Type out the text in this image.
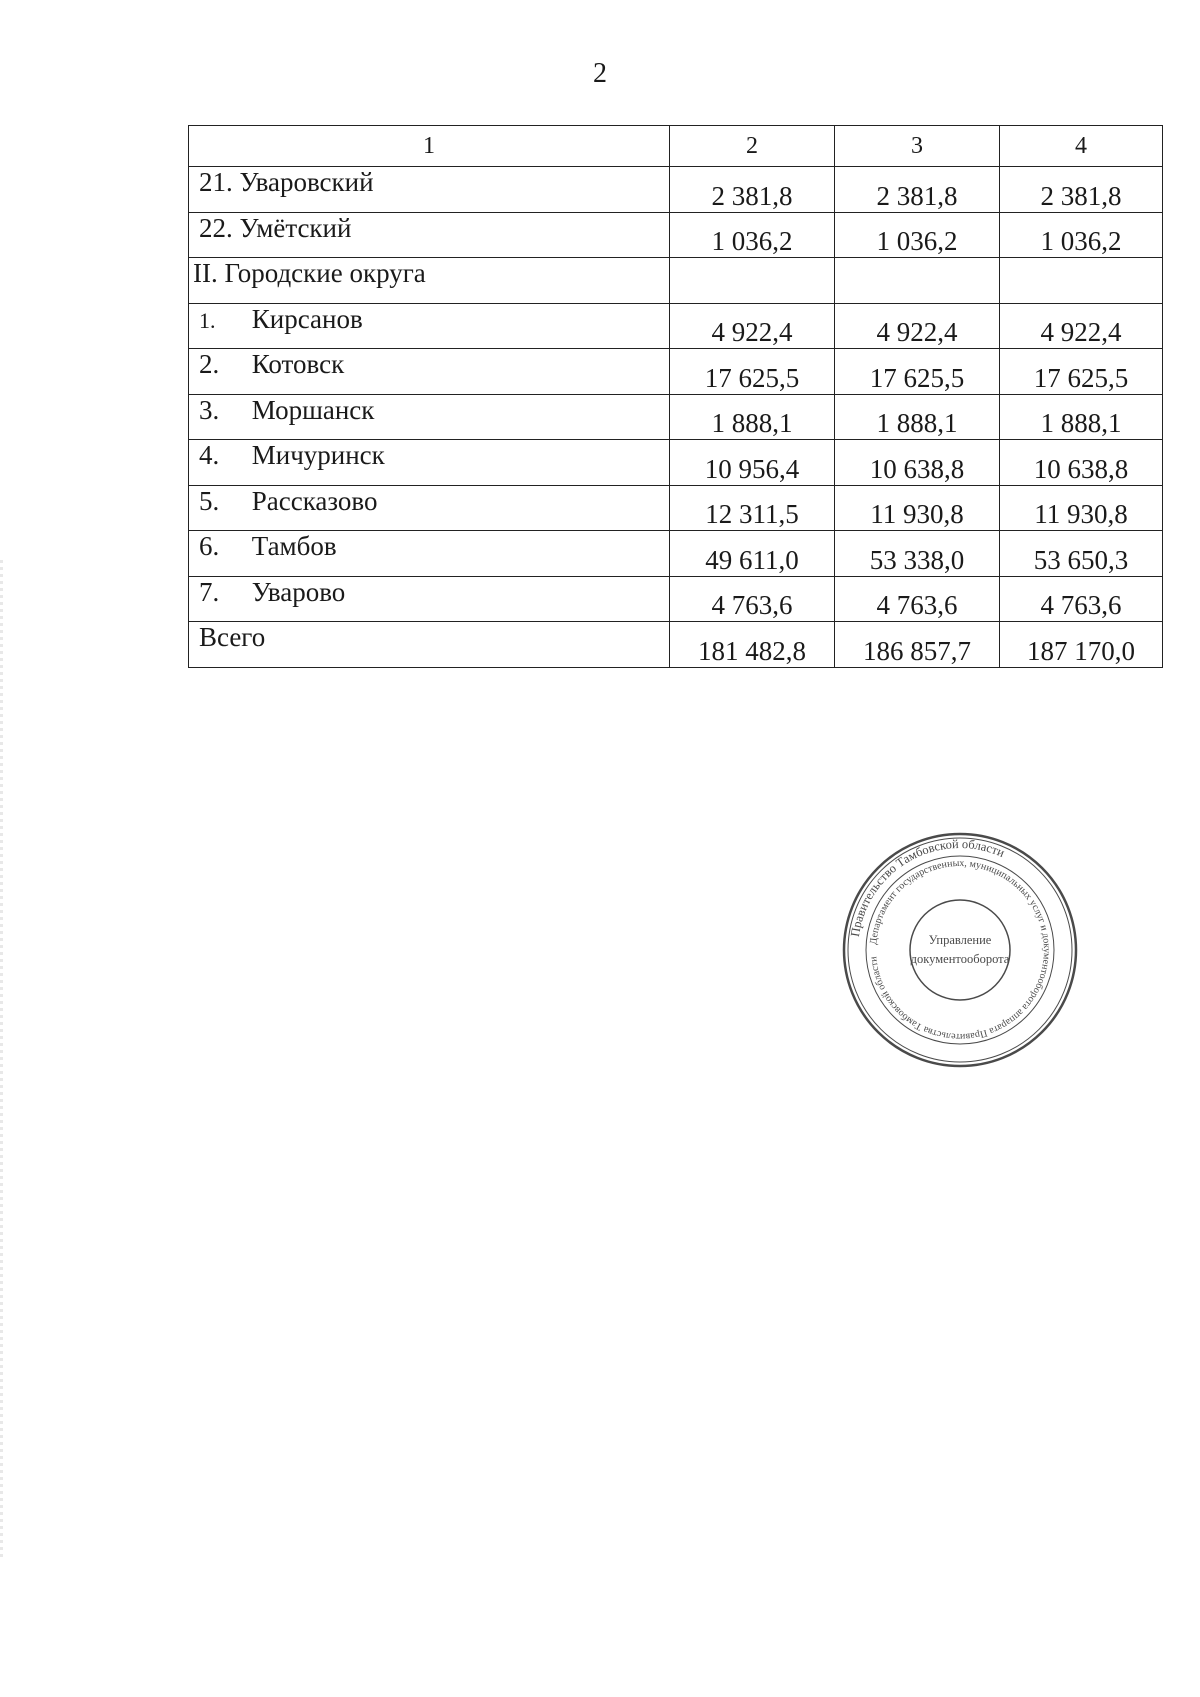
2
1	2	3	4
21. Уваровский	2 381,8	2 381,8	2 381,8
22. Умётский	1 036,2	1 036,2	1 036,2
II. Городские округа			
1. Кирсанов	4 922,4	4 922,4	4 922,4
2. Котовск	17 625,5	17 625,5	17 625,5
3. Моршанск	1 888,1	1 888,1	1 888,1
4. Мичуринск	10 956,4	10 638,8	10 638,8
5. Рассказово	12 311,5	11 930,8	11 930,8
6. Тамбов	49 611,0	53 338,0	53 650,3
7. Уварово	4 763,6	4 763,6	4 763,6
Всего	181 482,8	186 857,7	187 170,0
Правительство Тамбовской области
Департамент государственных, муниципальных услуг и документооборота аппарата Правительства Тамбовской области
Управление
документооборота
